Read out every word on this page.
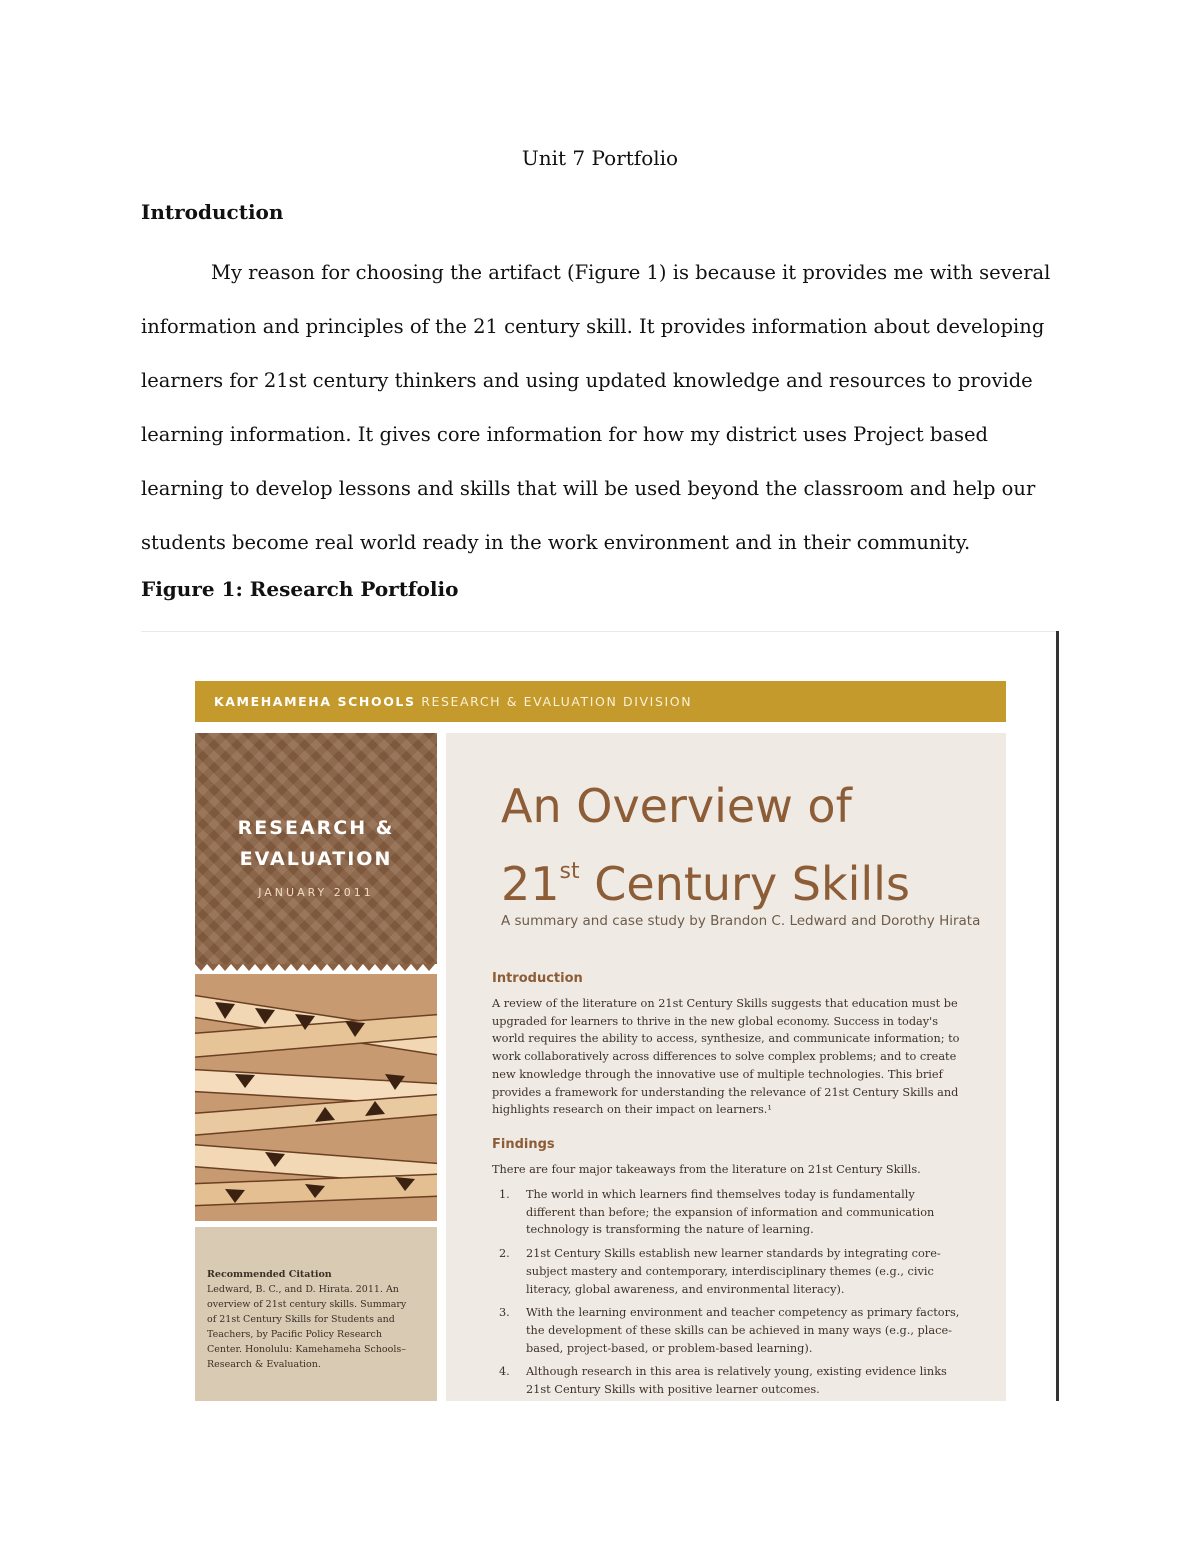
Unit 7 Portfolio
Introduction

My reason for choosing the artifact (Figure 1) is because it provides me with several information and principles of the 21 century skill. It provides information about developing learners for 21st century thinkers and using updated knowledge and resources to provide learning information. It gives core information for how my district uses Project based learning to develop lessons and skills that will be used beyond the classroom and help our students become real world ready in the work environment and in their community.

Figure 1: Research Portfolio
KAMEHAMEHA SCHOOLS RESEARCH & EVALUATION DIVISION
RESEARCH &
EVALUATION
JANUARY 2011
Recommended Citation
Ledward, B. C., and D. Hirata. 2011. An overview of 21st century skills. Summary of 21st Century Skills for Students and Teachers, by Pacific Policy Research Center. Honolulu: Kamehameha Schools–Research & Evaluation.
An Overview of
21st Century Skills
A summary and case study by Brandon C. Ledward and Dorothy Hirata
Introduction
A review of the literature on 21st Century Skills suggests that education must be upgraded for learners to thrive in the new global economy. Success in today's world requires the ability to access, synthesize, and communicate information; to work collaboratively across differences to solve complex problems; and to create new knowledge through the innovative use of multiple technologies. This brief provides a framework for understanding the relevance of 21st Century Skills and highlights research on their impact on learners.¹
Findings
There are four major takeaways from the literature on 21st Century Skills.
1. The world in which learners find themselves today is fundamentally different than before; the expansion of information and communication technology is transforming the nature of learning.
2. 21st Century Skills establish new learner standards by integrating core-subject mastery and contemporary, interdisciplinary themes (e.g., civic literacy, global awareness, and environmental literacy).
3. With the learning environment and teacher competency as primary factors, the development of these skills can be achieved in many ways (e.g., place-based, project-based, or problem-based learning).
4. Although research in this area is relatively young, existing evidence links 21st Century Skills with positive learner outcomes.
